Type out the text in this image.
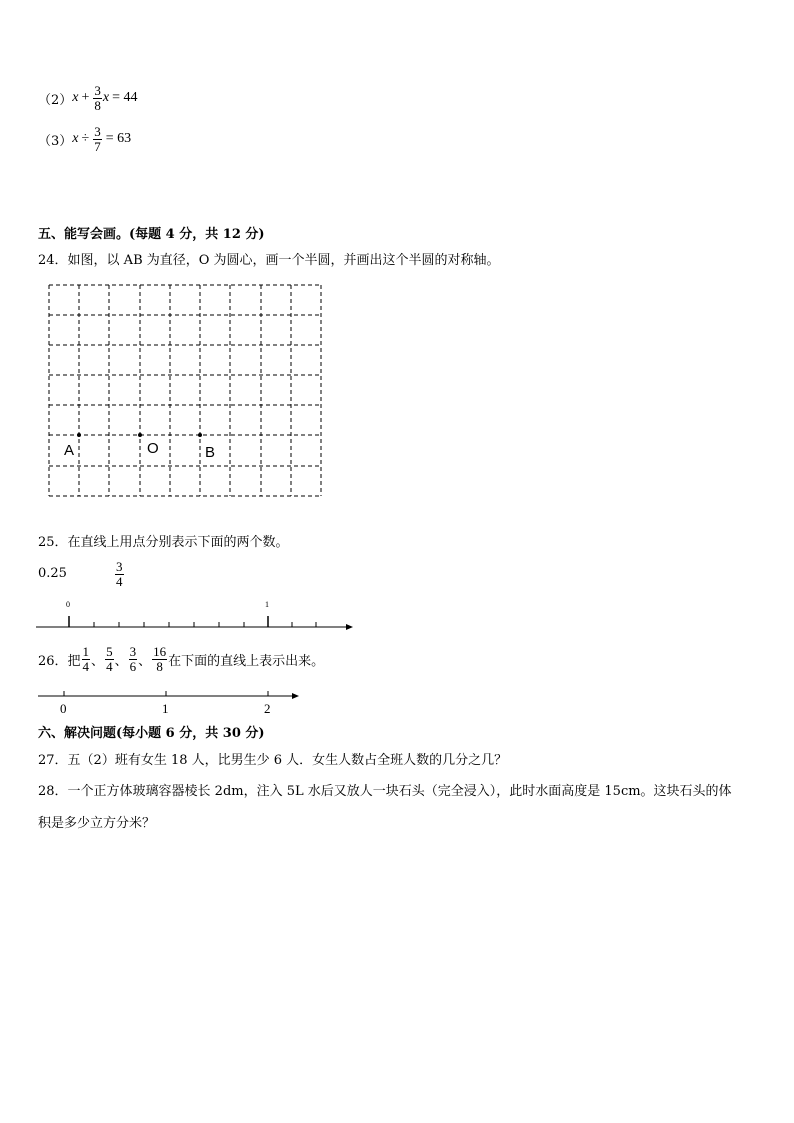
（2） $x + \frac{3}{8}$ x = 44
（3） $x \div \frac{3}{7} = 63$
五、能写会画。(每题 4 分，共 12 分)
24．如图，以 AB 为直径，O 为圆心，画一个半圆，并画出这个半圆的对称轴。
A	O	B
25．在直线上用点分别表示下面的两个数。
0.25	$\frac{3}{4}$
0	1
26．把 $\frac{1}{4}$ 、 $\frac{5}{4}$ 、 $\frac{3}{6}$ 、 $\frac{16}{8}$ 在下面的直线上表示出来。
0	1	2
六、解决问题(每小题 6 分，共 30 分)
27．五（2）班有女生 18 人，比男生少 6 人．女生人数占全班人数的几分之几？
28．一个正方体玻璃容器棱长 2dm，注入 5L 水后又放人一块石头（完全浸入），此时水面高度是 15cm。这块石头的体
积是多少立方分米？
